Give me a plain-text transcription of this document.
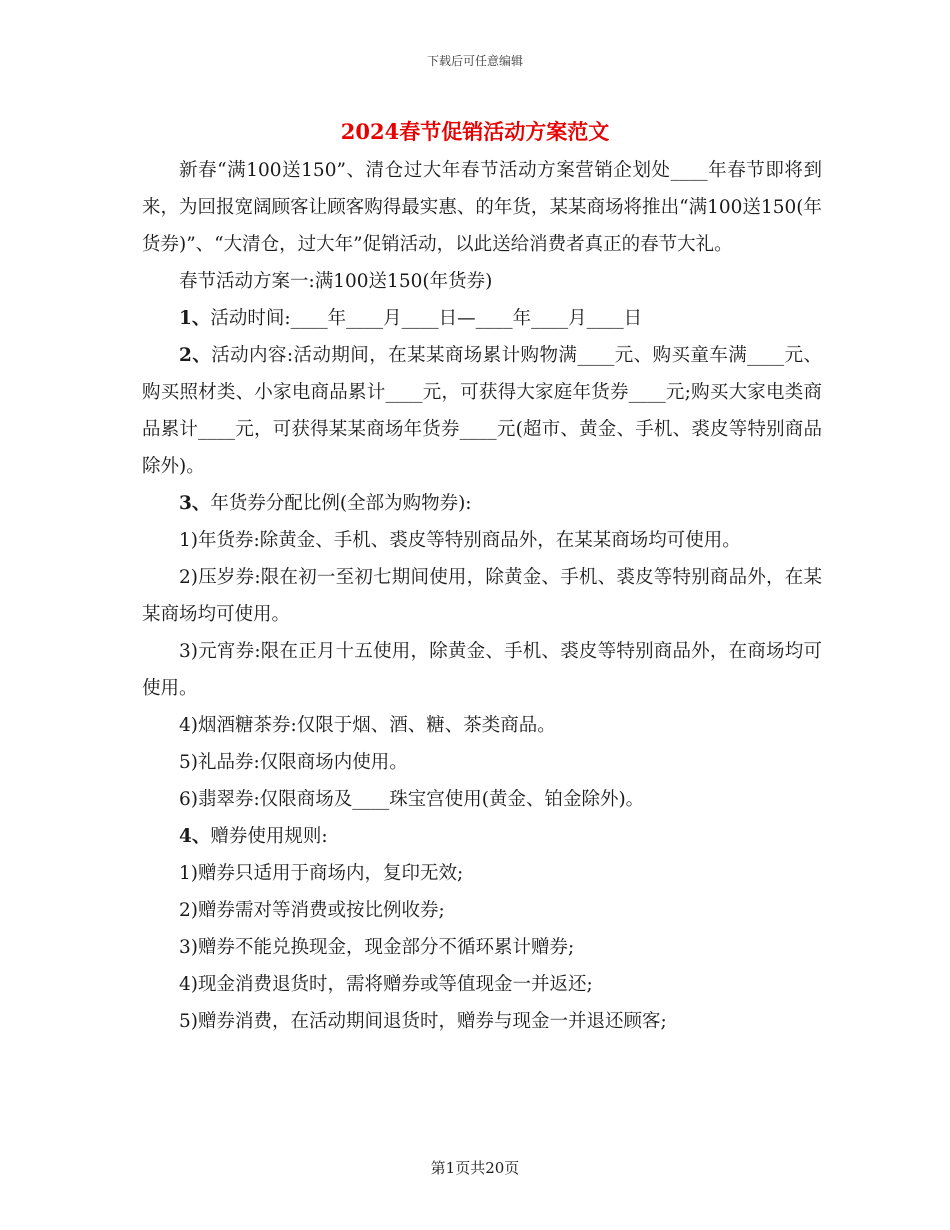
下载后可任意编辑
2024春节促销活动方案范文

新春“满100送150”、清仓过大年春节活动方案营销企划处____年春节即将到来，为回报宽阔顾客让顾客购得最实惠、的年货，某某商场将推出“满100送150(年货券)”、“大清仓，过大年”促销活动，以此送给消费者真正的春节大礼。

春节活动方案一:满100送150(年货券)

1、活动时间:____年____月____日—____年____月____日

2、活动内容:活动期间，在某某商场累计购物满____元、购买童车满____元、购买照材类、小家电商品累计____元，可获得大家庭年货券____元;购买大家电类商品累计____元，可获得某某商场年货券____元(超市、黄金、手机、裘皮等特别商品除外)。

3、年货券分配比例(全部为购物券):

1)年货券:除黄金、手机、裘皮等特别商品外，在某某商场均可使用。

2)压岁券:限在初一至初七期间使用，除黄金、手机、裘皮等特别商品外，在某某商场均可使用。

3)元宵券:限在正月十五使用，除黄金、手机、裘皮等特别商品外，在商场均可使用。

4)烟酒糖茶券:仅限于烟、酒、糖、茶类商品。

5)礼品券:仅限商场内使用。

6)翡翠券:仅限商场及____珠宝宫使用(黄金、铂金除外)。

4、赠券使用规则:

1)赠券只适用于商场内，复印无效;

2)赠券需对等消费或按比例收券;

3)赠券不能兑换现金，现金部分不循环累计赠券;

4)现金消费退货时，需将赠券或等值现金一并返还;

5)赠券消费，在活动期间退货时，赠券与现金一并退还顾客;

第1页共20页
